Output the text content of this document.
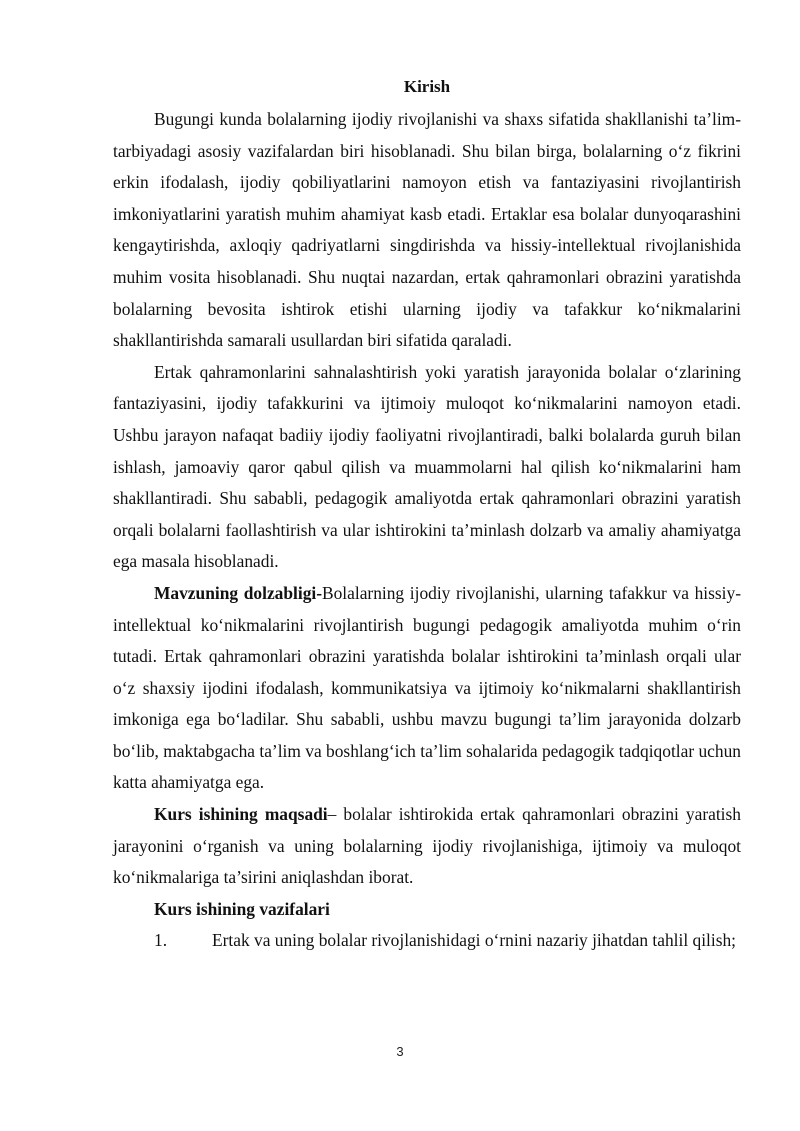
Kirish

Bugungi kunda bolalarning ijodiy rivojlanishi va shaxs sifatida shakllanishi ta’lim-tarbiyadagi asosiy vazifalardan biri hisoblanadi. Shu bilan birga, bolalarning o‘z fikrini erkin ifodalash, ijodiy qobiliyatlarini namoyon etish va fantaziyasini rivojlantirish imkoniyatlarini yaratish muhim ahamiyat kasb etadi. Ertaklar esa bolalar dunyoqarashini kengaytirishda, axloqiy qadriyatlarni singdirishda va hissiy-intellektual rivojlanishida muhim vosita hisoblanadi. Shu nuqtai nazardan, ertak qahramonlari obrazini yaratishda bolalarning bevosita ishtirok etishi ularning ijodiy va tafakkur ko‘nikmalarini shakllantirishda samarali usullardan biri sifatida qaraladi.

Ertak qahramonlarini sahnalashtirish yoki yaratish jarayonida bolalar o‘zlarining fantaziyasini, ijodiy tafakkurini va ijtimoiy muloqot ko‘nikmalarini namoyon etadi. Ushbu jarayon nafaqat badiiy ijodiy faoliyatni rivojlantiradi, balki bolalarda guruh bilan ishlash, jamoaviy qaror qabul qilish va muammolarni hal qilish ko‘nikmalarini ham shakllantiradi. Shu sababli, pedagogik amaliyotda ertak qahramonlari obrazini yaratish orqali bolalarni faollashtirish va ular ishtirokini ta’minlash dolzarb va amaliy ahamiyatga ega masala hisoblanadi.

Mavzuning dolzabligi-Bolalarning ijodiy rivojlanishi, ularning tafakkur va hissiy-intellektual ko‘nikmalarini rivojlantirish bugungi pedagogik amaliyotda muhim o‘rin tutadi. Ertak qahramonlari obrazini yaratishda bolalar ishtirokini ta’minlash orqali ular o‘z shaxsiy ijodini ifodalash, kommunikatsiya va ijtimoiy ko‘nikmalarni shakllantirish imkoniga ega bo‘ladilar. Shu sababli, ushbu mavzu bugungi ta’lim jarayonida dolzarb bo‘lib, maktabgacha ta’lim va boshlang‘ich ta’lim sohalarida pedagogik tadqiqotlar uchun katta ahamiyatga ega.

Kurs ishining maqsadi– bolalar ishtirokida ertak qahramonlari obrazini yaratish jarayonini o‘rganish va uning bolalarning ijodiy rivojlanishiga, ijtimoiy va muloqot ko‘nikmalariga ta’sirini aniqlashdan iborat.

Kurs ishining vazifalari

1.	Ertak va uning bolalar rivojlanishidagi o‘rnini nazariy jihatdan tahlil qilish;

3
